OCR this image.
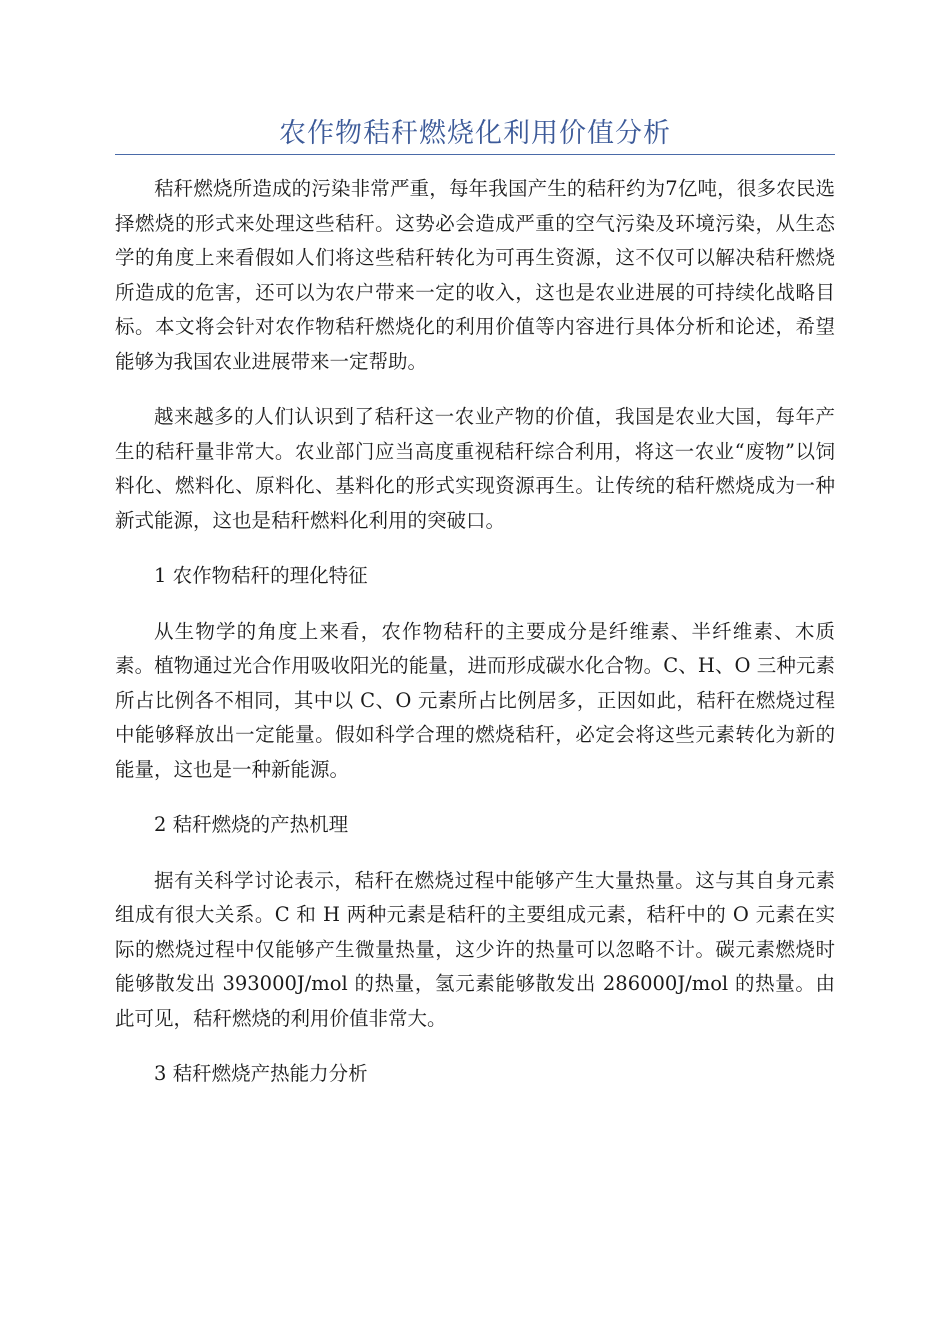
农作物秸秆燃烧化利用价值分析

秸秆燃烧所造成的污染非常严重，每年我国产生的秸秆约为7亿吨，很多农民选择燃烧的形式来处理这些秸秆。这势必会造成严重的空气污染及环境污染，从生态学的角度上来看假如人们将这些秸秆转化为可再生资源，这不仅可以解决秸秆燃烧所造成的危害，还可以为农户带来一定的收入，这也是农业进展的可持续化战略目标。本文将会针对农作物秸秆燃烧化的利用价值等内容进行具体分析和论述，希望能够为我国农业进展带来一定帮助。

越来越多的人们认识到了秸秆这一农业产物的价值，我国是农业大国，每年产生的秸秆量非常大。农业部门应当高度重视秸秆综合利用，将这一农业“废物”以饲料化、燃料化、原料化、基料化的形式实现资源再生。让传统的秸秆燃烧成为一种新式能源，这也是秸秆燃料化利用的突破口。

1 农作物秸秆的理化特征

从生物学的角度上来看，农作物秸秆的主要成分是纤维素、半纤维素、木质素。植物通过光合作用吸收阳光的能量，进而形成碳水化合物。C、H、O 三种元素所占比例各不相同，其中以 C、O 元素所占比例居多，正因如此，秸秆在燃烧过程中能够释放出一定能量。假如科学合理的燃烧秸秆，必定会将这些元素转化为新的能量，这也是一种新能源。

2 秸秆燃烧的产热机理

据有关科学讨论表示，秸秆在燃烧过程中能够产生大量热量。这与其自身元素组成有很大关系。C 和 H 两种元素是秸秆的主要组成元素，秸秆中的 O 元素在实际的燃烧过程中仅能够产生微量热量，这少许的热量可以忽略不计。碳元素燃烧时能够散发出 393000J/mol 的热量，氢元素能够散发出 286000J/mol 的热量。由此可见，秸秆燃烧的利用价值非常大。

3 秸秆燃烧产热能力分析
